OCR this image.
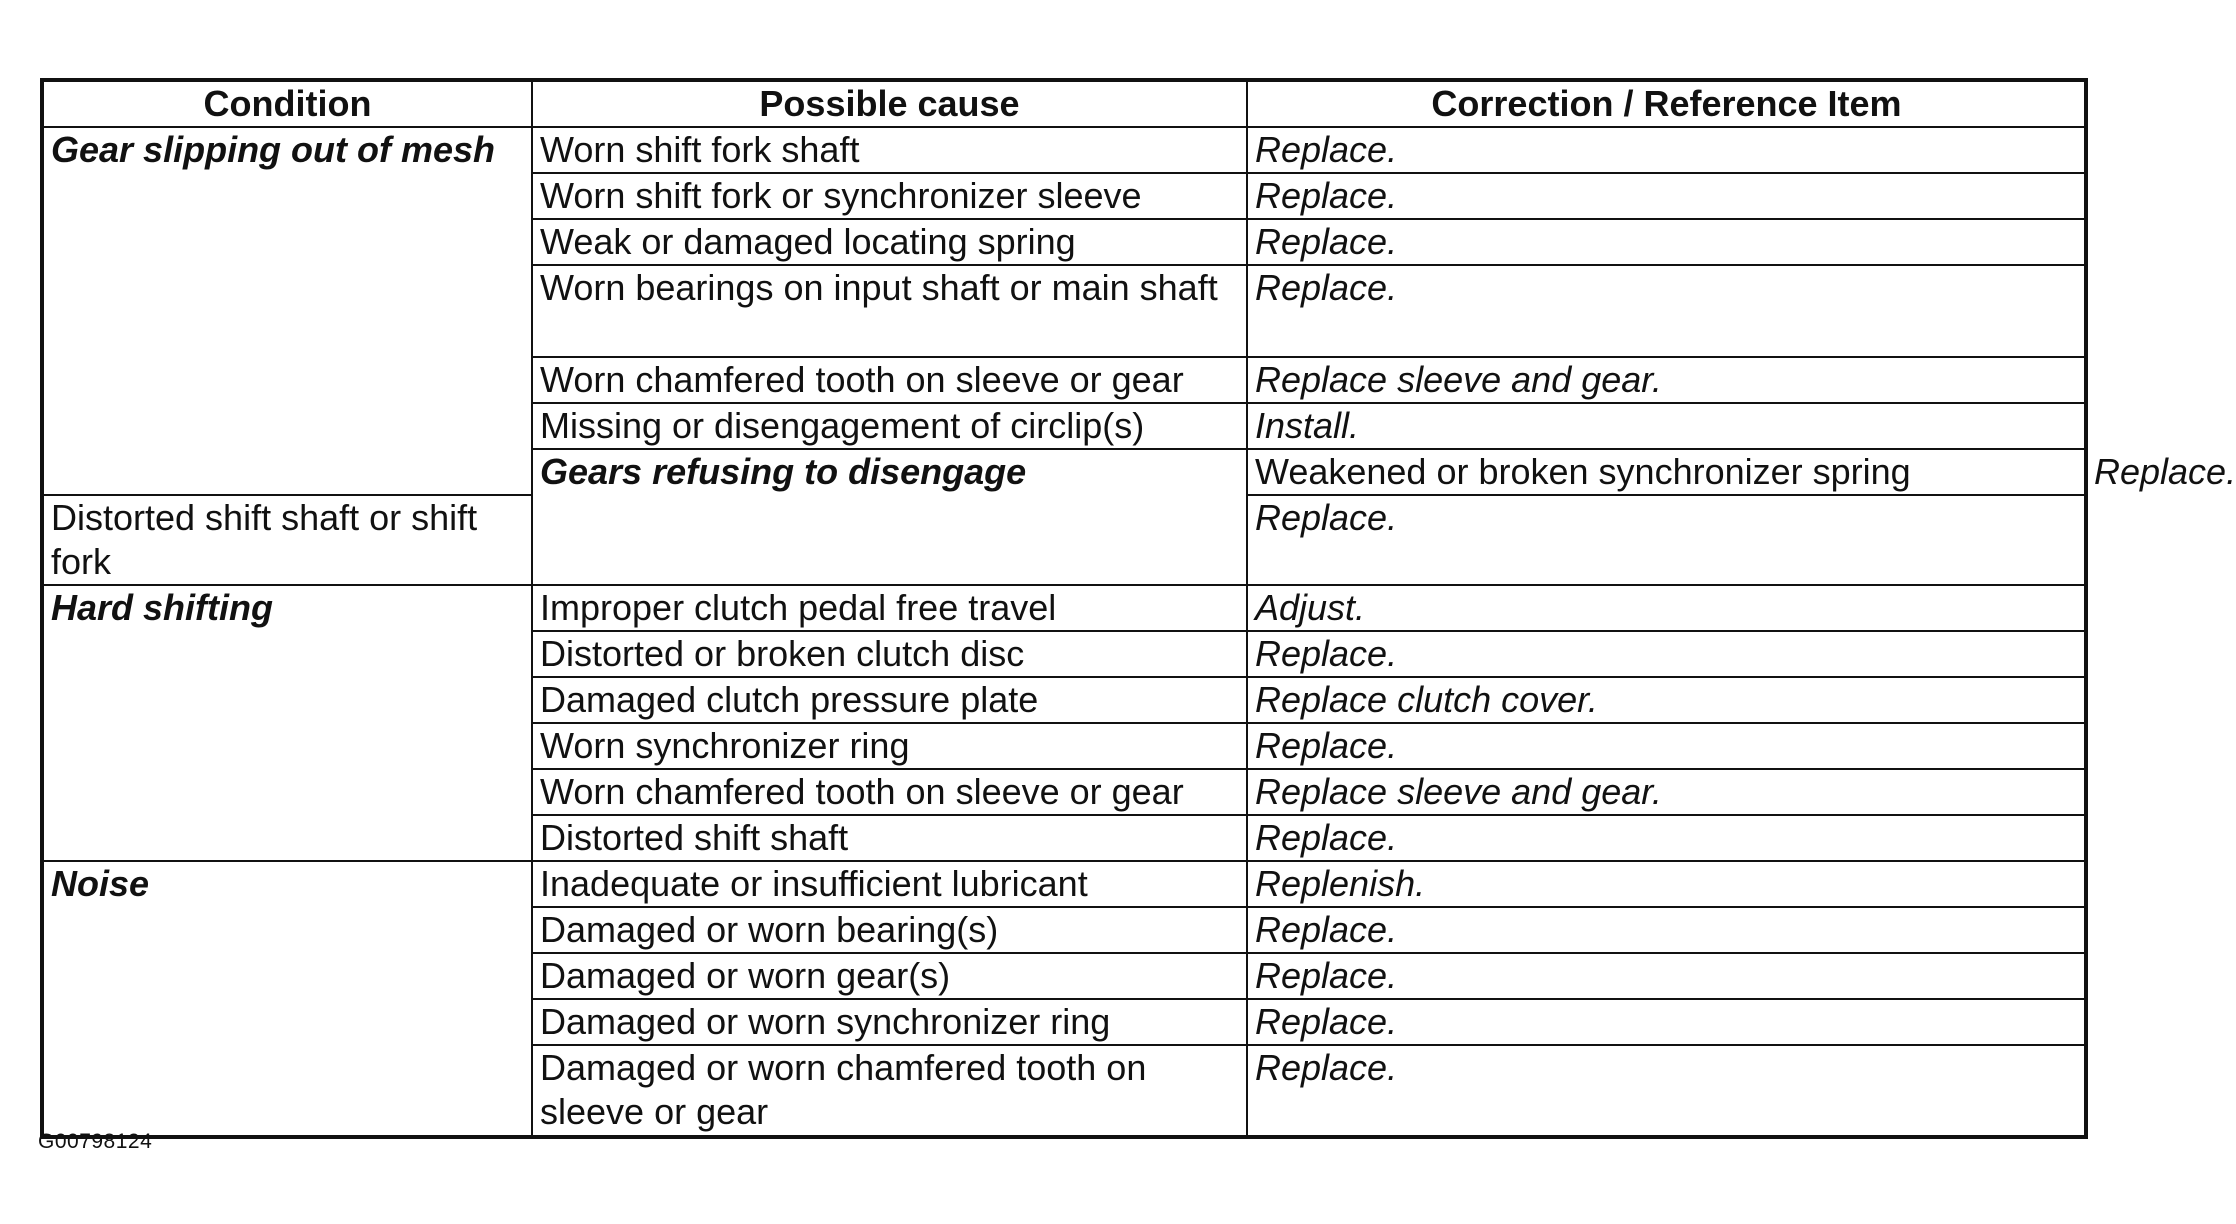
Condition	Possible cause	Correction / Reference Item	
Gear slipping out of mesh	Worn shift fork shaft	Replace.	
	Worn shift fork or synchronizer sleeve	Replace.	
	Weak or damaged locating spring	Replace.	
	Worn bearings on input shaft or main shaft	Replace.	
	Worn chamfered tooth on sleeve or gear	Replace sleeve and gear.	
	Missing or disengagement of circlip(s)	Install.	
	Gears refusing to disengage	Weakened or broken synchronizer spring	Replace.
Distorted shift shaft or shift fork		Replace.	
Hard shifting	Improper clutch pedal free travel	Adjust.	
	Distorted or broken clutch disc	Replace.	
	Damaged clutch pressure plate	Replace clutch cover.	
	Worn synchronizer ring	Replace.	
	Worn chamfered tooth on sleeve or gear	Replace sleeve and gear.	
	Distorted shift shaft	Replace.	
Noise	Inadequate or insufficient lubricant	Replenish.	
	Damaged or worn bearing(s)	Replace.	
	Damaged or worn gear(s)	Replace.	
	Damaged or worn synchronizer ring	Replace.	
	Damaged or worn chamfered tooth on sleeve or gear	Replace.	
G00798124
